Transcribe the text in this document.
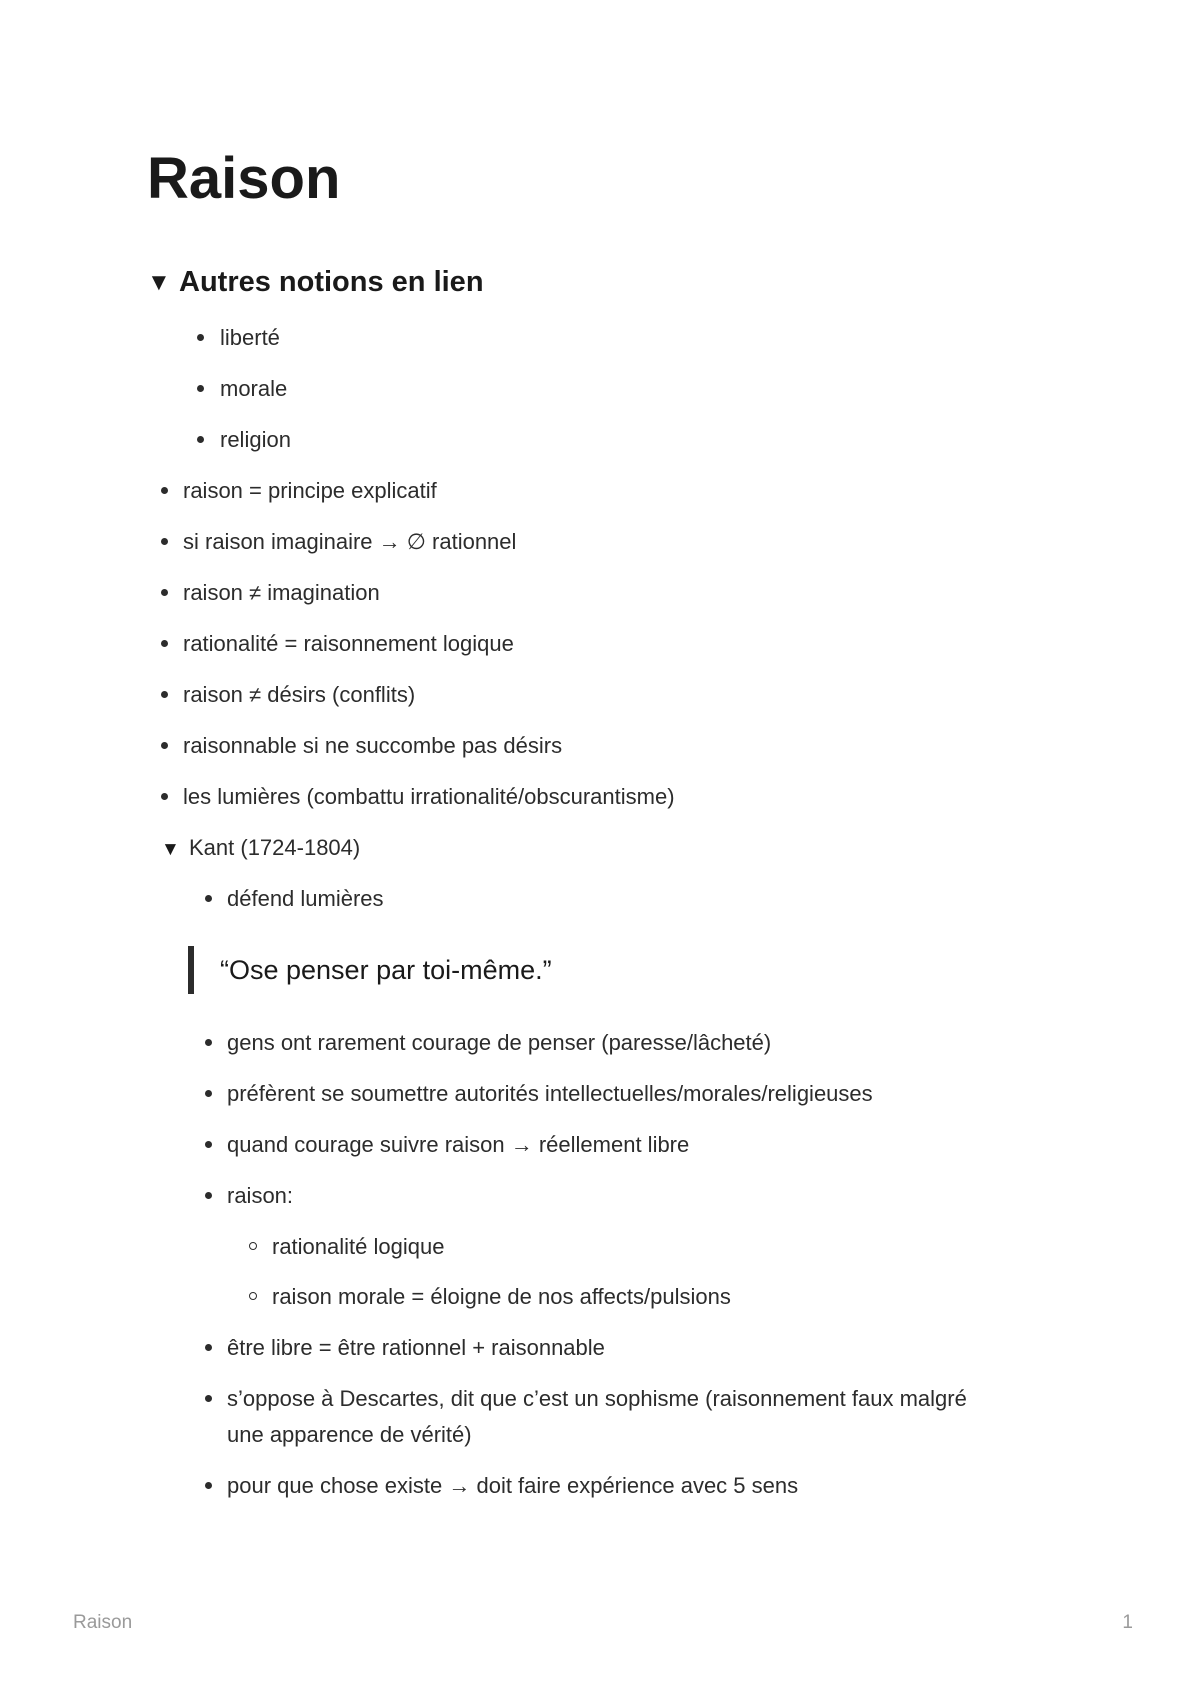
Raison
▼ Autres notions en lien
liberté
morale
religion
raison = principe explicatif
si raison imaginaire → ∅ rationnel
raison ≠ imagination
rationalité = raisonnement logique
raison ≠ désirs (conflits)
raisonnable si ne succombe pas désirs
les lumières (combattu irrationalité/obscurantisme)
▼ Kant (1724-1804)
défend lumières
“Ose penser par toi-même.”
gens ont rarement courage de penser (paresse/lâcheté)
préfèrent se soumettre autorités intellectuelles/morales/religieuses
quand courage suivre raison → réellement libre
raison:
rationalité logique
raison morale = éloigne de nos affects/pulsions
être libre = être rationnel + raisonnable
s’oppose à Descartes, dit que c’est un sophisme (raisonnement faux malgré
une apparence de vérité)
pour que chose existe → doit faire expérience avec 5 sens
Raison	1
